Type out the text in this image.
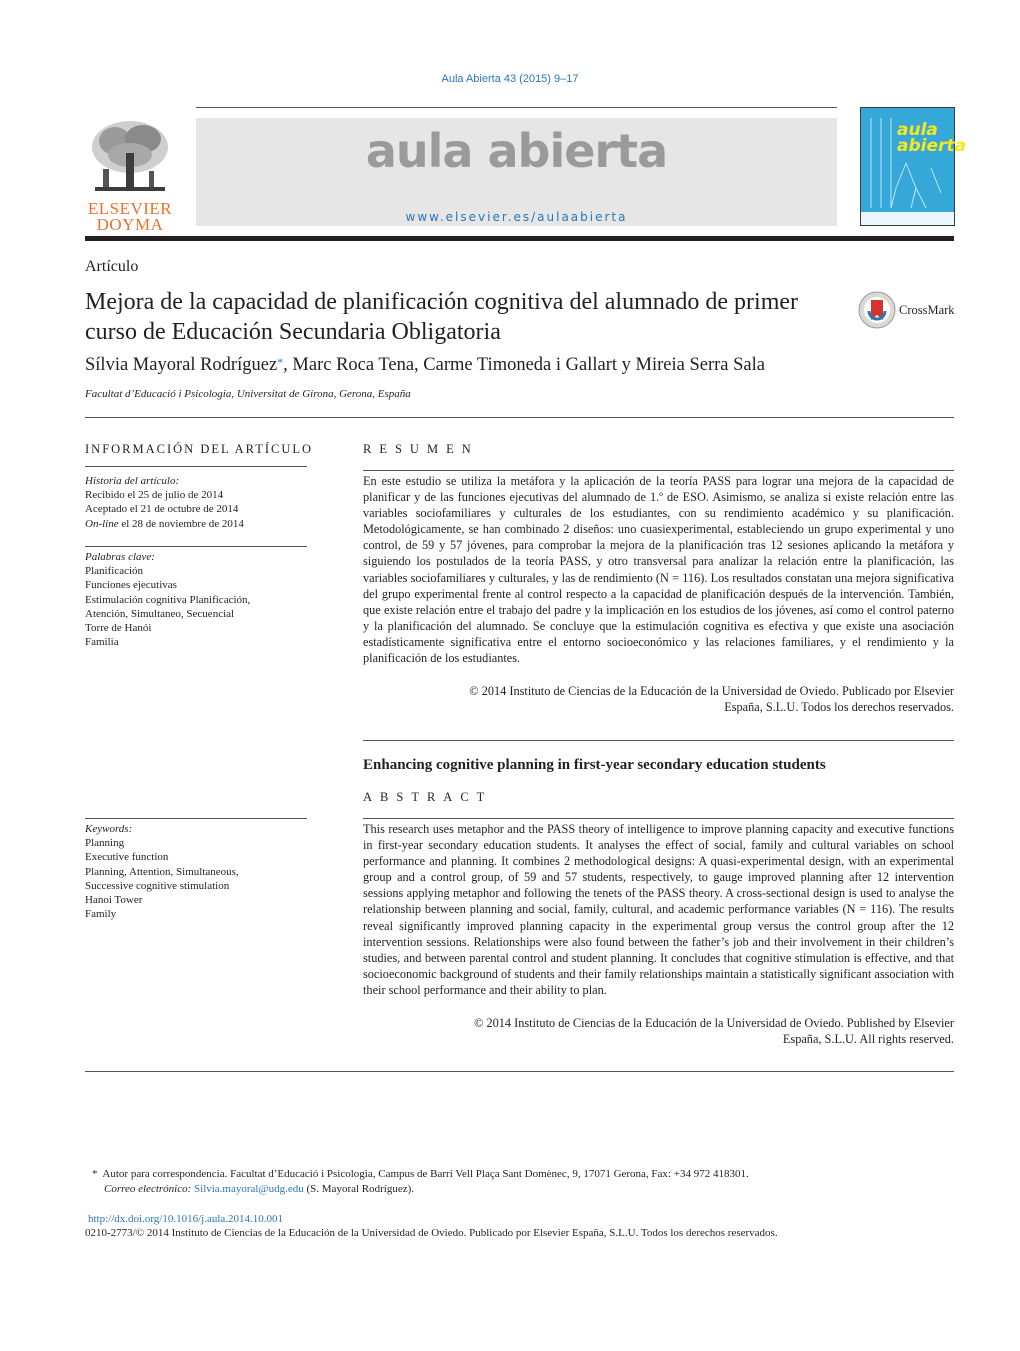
Aula Abierta 43 (2015) 9–17
ELSEVIER
DOYMA
aula abierta
www.elsevier.es/aulaabierta
aula abierta
Artículo
Mejora de la capacidad de planificación cognitiva del alumnado de primer curso de Educación Secundaria Obligatoria
CrossMark
Sílvia Mayoral Rodríguez*, Marc Roca Tena, Carme Timoneda i Gallart y Mireia Serra Sala
Facultat d’Educació i Psicologia, Universitat de Girona, Gerona, España
INFORMACIÓN DEL ARTÍCULO
Historia del artículo:
Recibido el 25 de julio de 2014
Aceptado el 21 de octubre de 2014
On-line el 28 de noviembre de 2014
Palabras clave:
Planificación
Funciones ejecutivas
Estimulación cognitiva Planificación,
Atención, Simultaneo, Secuencial
Torre de Hanói
Familia
RESUMEN
En este estudio se utiliza la metáfora y la aplicación de la teoría PASS para lograr una mejora de la capacidad de planificar y de las funciones ejecutivas del alumnado de 1.º de ESO. Asimismo, se analiza si existe relación entre las variables sociofamiliares y culturales de los estudiantes, con su rendimiento académico y su planificación. Metodológicamente, se han combinado 2 diseños: uno cuasiexperimental, estableciendo un grupo experimental y uno control, de 59 y 57 jóvenes, para comprobar la mejora de la planificación tras 12 sesiones aplicando la metáfora y siguiendo los postulados de la teoría PASS, y otro transversal para analizar la relación entre la planificación, las variables sociofamiliares y culturales, y las de rendimiento (N = 116). Los resultados constatan una mejora significativa del grupo experimental frente al control respecto a la capacidad de planificación después de la intervención. También, que existe relación entre el trabajo del padre y la implicación en los estudios de los jóvenes, así como el control paterno y la planificación del alumnado. Se concluye que la estimulación cognitiva es efectiva y que existe una asociación estadísticamente significativa entre el entorno socioeconómico y las relaciones familiares, y el rendimiento y la planificación de los estudiantes.
© 2014 Instituto de Ciencias de la Educación de la Universidad de Oviedo. Publicado por Elsevier
España, S.L.U. Todos los derechos reservados.
Enhancing cognitive planning in first-year secondary education students
ABSTRACT
Keywords:
Planning
Executive function
Planning, Attention, Simultaneous,
Successive cognitive stimulation
Hanoi Tower
Family
This research uses metaphor and the PASS theory of intelligence to improve planning capacity and executive functions in first-year secondary education students. It analyses the effect of social, family and cultural variables on school performance and planning. It combines 2 methodological designs: A quasi-experimental design, with an experimental group and a control group, of 59 and 57 students, respectively, to gauge improved planning after 12 intervention sessions applying metaphor and following the tenets of the PASS theory. A cross-sectional design is used to analyse the relationship between planning and social, family, cultural, and academic performance variables (N = 116). The results reveal significantly improved planning capacity in the experimental group versus the control group after the 12 intervention sessions. Relationships were also found between the father’s job and their involvement in their children’s studies, and between parental control and student planning. It concludes that cognitive stimulation is effective, and that socioeconomic background of students and their family relationships maintain a statistically significant association with their school performance and their ability to plan.
© 2014 Instituto de Ciencias de la Educación de la Universidad de Oviedo. Published by Elsevier
España, S.L.U. All rights reserved.
* Autor para correspondencia. Facultat d’Educació i Psicologia, Campus de Barri Vell Plaça Sant Domènec, 9, 17071 Gerona, Fax: +34 972 418301.
Correo electrónico: Silvia.mayoral@udg.edu (S. Mayoral Rodríguez).
http://dx.doi.org/10.1016/j.aula.2014.10.001
0210-2773/© 2014 Instituto de Ciencias de la Educación de la Universidad de Oviedo. Publicado por Elsevier España, S.L.U. Todos los derechos reservados.
